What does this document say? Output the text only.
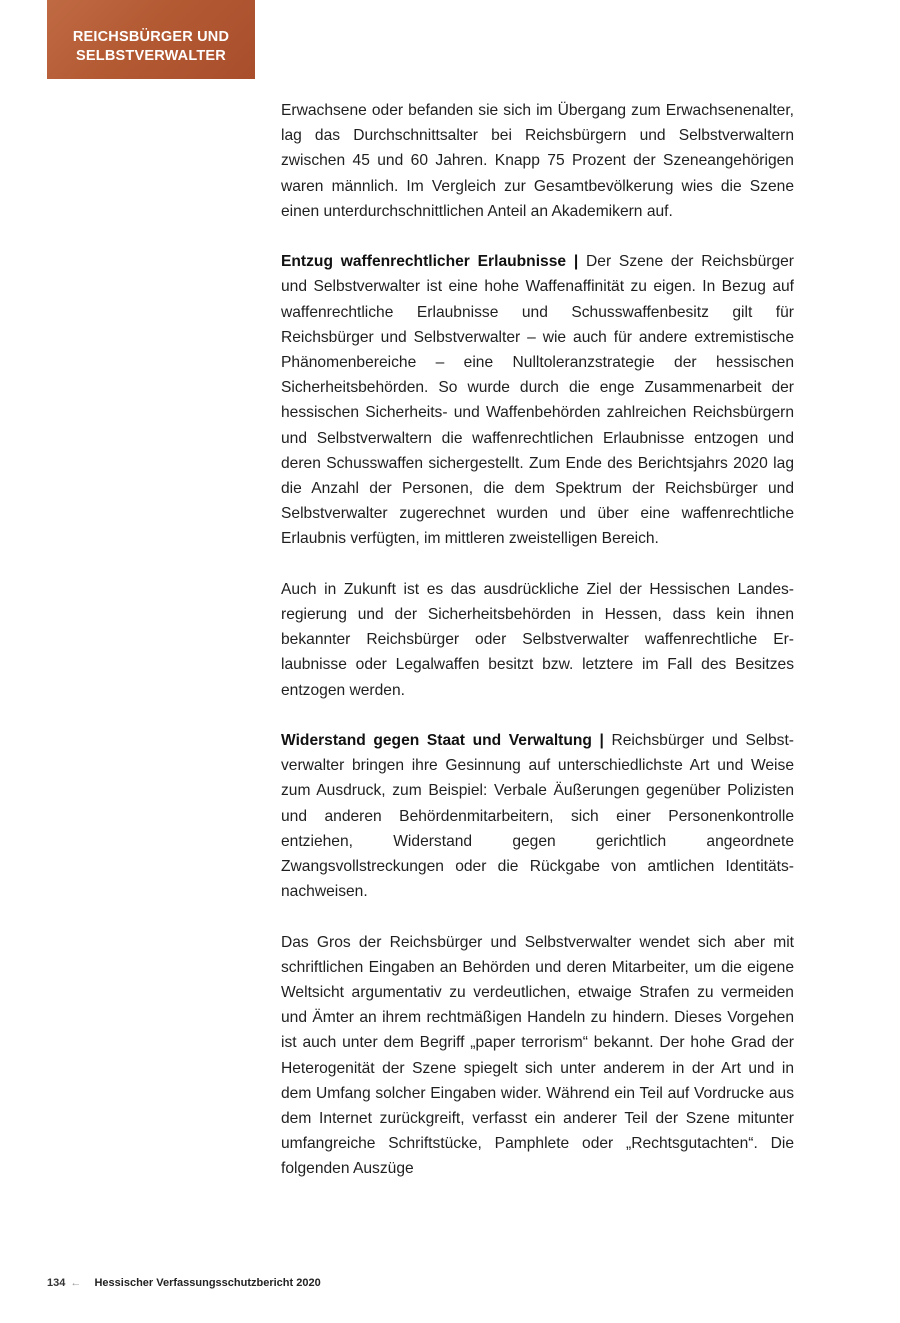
REICHSBÜRGER UND
SELBSTVERWALTER

Erwachsene oder befanden sie sich im Übergang zum Erwachsenenalter, lag das Durchschnittsalter bei Reichsbürgern und Selbstverwaltern zwischen 45 und 60 Jahren. Knapp 75 Prozent der Szeneangehörigen waren männlich. Im Vergleich zur Gesamtbevölkerung wies die Szene einen unterdurchschnittlichen Anteil an Akademikern auf.

Entzug waffenrechtlicher Erlaubnisse | Der Szene der Reichsbürger und Selbstverwalter ist eine hohe Waffenaffinität zu eigen. In Bezug auf waffenrechtliche Erlaubnisse und Schusswaffenbesitz gilt für Reichsbürger und Selbstverwalter – wie auch für andere extremistische Phänomenbereiche – eine Nulltoleranzstrategie der hessischen Sicherheitsbehörden. So wurde durch die enge Zusammenarbeit der hessischen Sicherheits- und Waffenbehörden zahlreichen Reichsbürgern und Selbstverwaltern die waffenrechtlichen Erlaubnisse entzogen und deren Schusswaffen sichergestellt. Zum Ende des Berichtsjahrs 2020 lag die Anzahl der Personen, die dem Spektrum der Reichsbürger und Selbstverwalter zugerechnet wurden und über eine waffenrechtliche Erlaubnis verfügten, im mittleren zweistelligen Bereich.

Auch in Zukunft ist es das ausdrückliche Ziel der Hessischen Landesregierung und der Sicherheitsbehörden in Hessen, dass kein ihnen bekannter Reichsbürger oder Selbstverwalter waffenrechtliche Erlaubnisse oder Legalwaffen besitzt bzw. letztere im Fall des Besitzes entzogen werden.

Widerstand gegen Staat und Verwaltung | Reichsbürger und Selbstverwalter bringen ihre Gesinnung auf unterschiedlichste Art und Weise zum Ausdruck, zum Beispiel: Verbale Äußerungen gegenüber Polizisten und anderen Behördenmitarbeitern, sich einer Personenkontrolle entziehen, Widerstand gegen gerichtlich angeordnete Zwangsvollstreckungen oder die Rückgabe von amtlichen Identitätsnachweisen.

Das Gros der Reichsbürger und Selbstverwalter wendet sich aber mit schriftlichen Eingaben an Behörden und deren Mitarbeiter, um die eigene Weltsicht argumentativ zu verdeutlichen, etwaige Strafen zu vermeiden und Ämter an ihrem rechtmäßigen Handeln zu hindern. Dieses Vorgehen ist auch unter dem Begriff „paper terrorism“ bekannt. Der hohe Grad der Heterogenität der Szene spiegelt sich unter anderem in der Art und in dem Umfang solcher Eingaben wider. Während ein Teil auf Vordrucke aus dem Internet zurückgreift, verfasst ein anderer Teil der Szene mitunter umfangreiche Schriftstücke, Pamphlete oder „Rechtsgutachten“. Die folgenden Auszüge

134 ← Hessischer Verfassungsschutzbericht 2020
